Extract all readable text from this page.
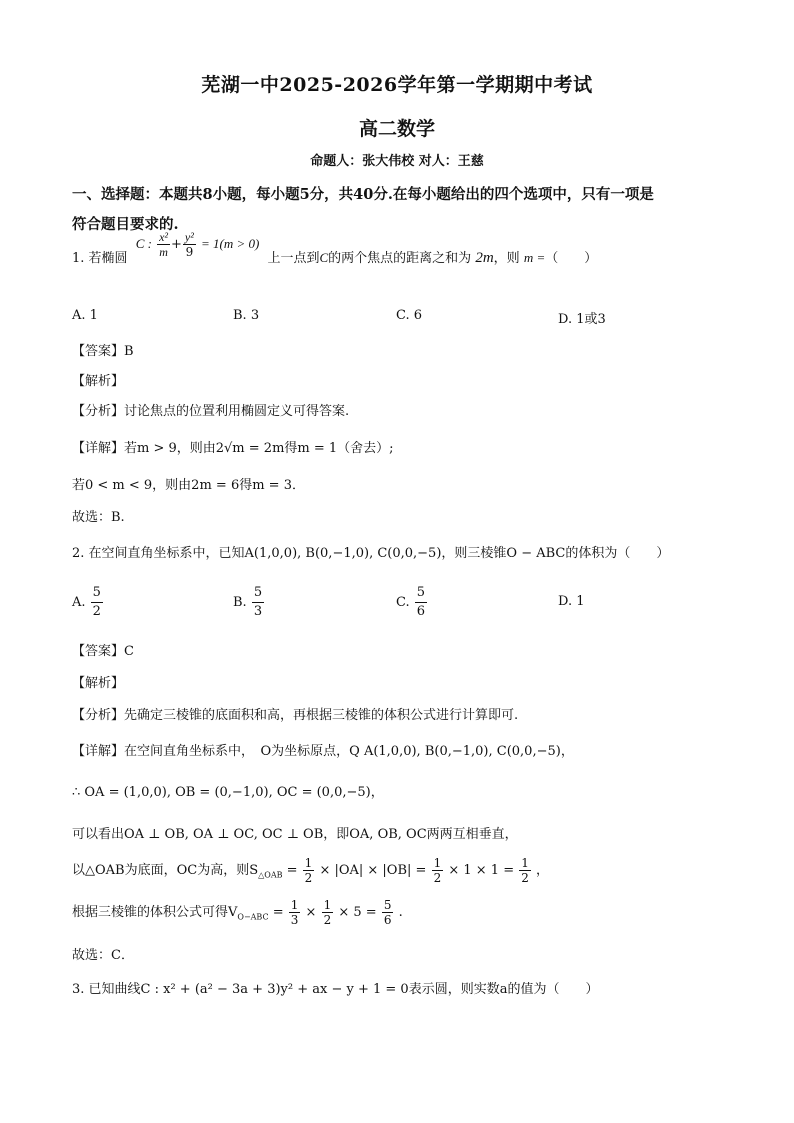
芜湖一中2025-2026学年第一学期期中考试
高二数学
命题人：张大伟校 对人：王慈
一、选择题：本题共8小题，每小题5分，共40分.在每小题给出的四个选项中，只有一项是
符合题目要求的.
1. 若椭圆 C : $\frac{\text{x²}}{m} + \frac{\text{y²}}{9} = 1(m > 0)$ 上一点到C的两个焦点的距离之和为 2m，则 m =（　　）
A. 1	B. 3	C. 6	D. 1或3
【答案】B
【解析】
【分析】讨论焦点的位置利用椭圆定义可得答案.
【详解】若m > 9，则由2√m = 2m得m = 1（舍去）;
若0 < m < 9，则由2m = 6得m = 3．
故选：B.
2. 在空间直角坐标系中，已知A(1,0,0), B(0,−1,0), C(0,0,−5)，则三棱锥O − ABC的体积为（　　）
A. $\frac{5}{2}$	B. $\frac{5}{3}$	C. $\frac{5}{6}$	D. 1
【答案】C
【解析】
【分析】先确定三棱锥的底面积和高，再根据三棱锥的体积公式进行计算即可.
【详解】在空间直角坐标系中，　O为坐标原点，Q A(1,0,0), B(0,−1,0), C(0,0,−5)，
∴ OA = (1,0,0), OB = (0,−1,0), OC = (0,0,−5)，
可以看出OA ⊥ OB, OA ⊥ OC, OC ⊥ OB，即OA, OB, OC两两互相垂直，
以△OAB为底面，OC为高，则$S_{\triangle OAB} = \frac{1}{2} \times |OA| \times |OB| = \frac{1}{2} \times 1 \times 1 = \frac{1}{2}$ ，
根据三棱锥的体积公式可得$V_{O-ABC} = \frac{1}{3} \times \frac{1}{2} \times 5 = \frac{5}{6}$ .
故选：C．
3. 已知曲线C : x² + (a² − 3a + 3)y² + ax − y + 1 = 0表示圆，则实数a的值为（　　）
